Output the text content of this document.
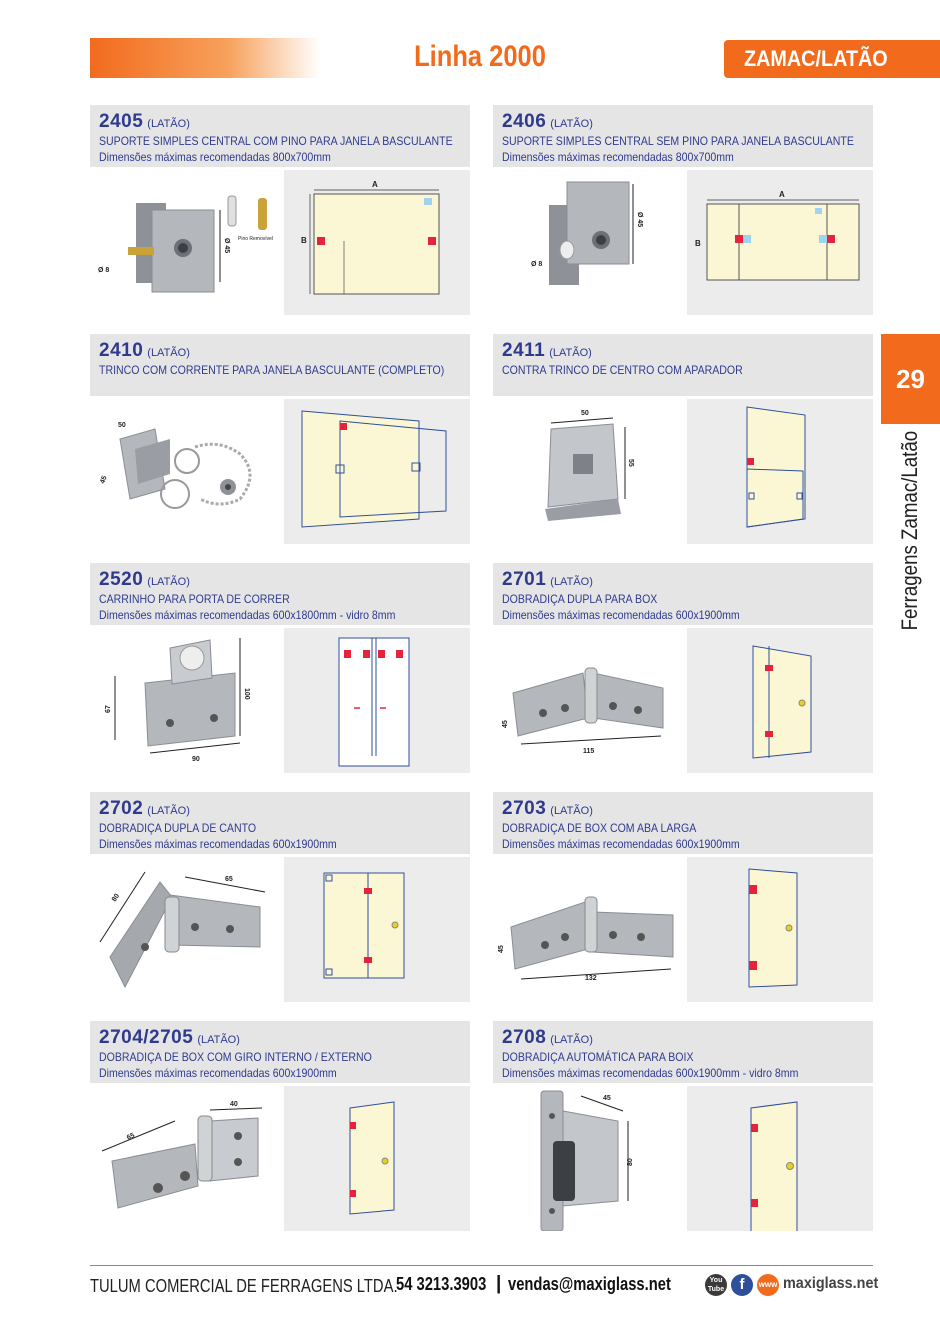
Linha 2000	ZAMAC/LATÃO
29
Ferragens Zamac/Latão
2405 (LATÃO)
SUPORTE SIMPLES CENTRAL COM PINO PARA JANELA BASCULANTE
Dimensões máximas recomendadas 800x700mm
Ø 45
Ø 8
Pino Removível
A
B
2406 (LATÃO)
SUPORTE SIMPLES CENTRAL SEM PINO PARA JANELA BASCULANTE
Dimensões máximas recomendadas 800x700mm
Ø 45
Ø 8
A
B
2410 (LATÃO)
TRINCO COM CORRENTE PARA JANELA BASCULANTE (COMPLETO)
50
45
2411 (LATÃO)
CONTRA TRINCO DE CENTRO COM APARADOR
50
55
2520 (LATÃO)
CARRINHO PARA PORTA DE CORRER
Dimensões máximas recomendadas 600x1800mm - vidro 8mm
100
67
90
2701 (LATÃO)
DOBRADIÇA DUPLA PARA BOX
Dimensões máximas recomendadas 600x1900mm
115
45
2702 (LATÃO)
DOBRADIÇA DUPLA DE CANTO
Dimensões máximas recomendadas 600x1900mm
65
80
2703 (LATÃO)
DOBRADIÇA DE BOX COM ABA LARGA
Dimensões máximas recomendadas 600x1900mm
132
45
2704/2705 (LATÃO)
DOBRADIÇA DE BOX COM GIRO INTERNO / EXTERNO
Dimensões máximas recomendadas 600x1900mm
40
65
2708 (LATÃO)
DOBRADIÇA AUTOMÁTICA PARA BOIX
Dimensões máximas recomendadas 600x1900mm - vidro 8mm
45
80
TULUM COMERCIAL DE FERRAGENS LTDA.
54 3213.3903 | vendas@maxiglass.net	You Tube	f	www maxiglass.net
